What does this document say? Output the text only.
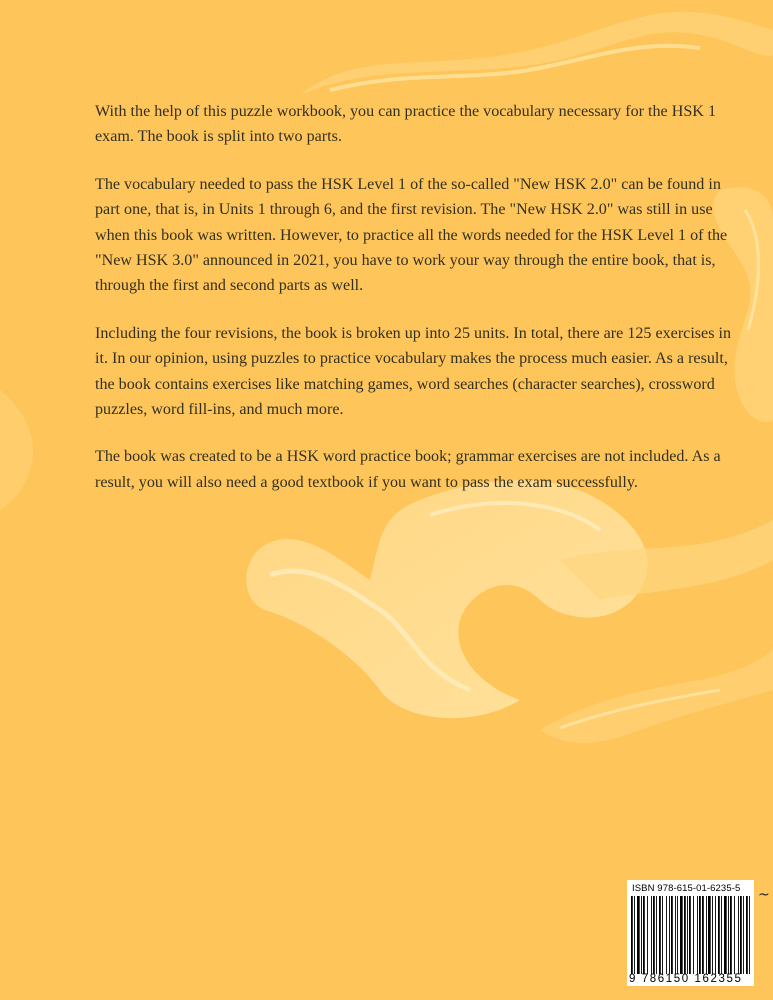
With the help of this puzzle workbook, you can practice the vocabulary necessary for the HSK 1 exam. The book is split into two parts.

The vocabulary needed to pass the HSK Level 1 of the so-called "New HSK 2.0" can be found in part one, that is, in Units 1 through 6, and the first revision. The "New HSK 2.0" was still in use when this book was written. However, to practice all the words needed for the HSK Level 1 of the "New HSK 3.0" announced in 2021, you have to work your way through the entire book, that is, through the first and second parts as well.

Including the four revisions, the book is broken up into 25 units. In total, there are 125 exercises in it. In our opinion, using puzzles to practice vocabulary makes the process much easier. As a result, the book contains exercises like matching games, word searches (character searches), crossword puzzles, word fill-ins, and much more.

The book was created to be a HSK word practice book; grammar exercises are not included. As a result, you will also need a good textbook if you want to pass the exam successfully.

ISBN 978-615-01-6235-5
9 786150 162355
~
